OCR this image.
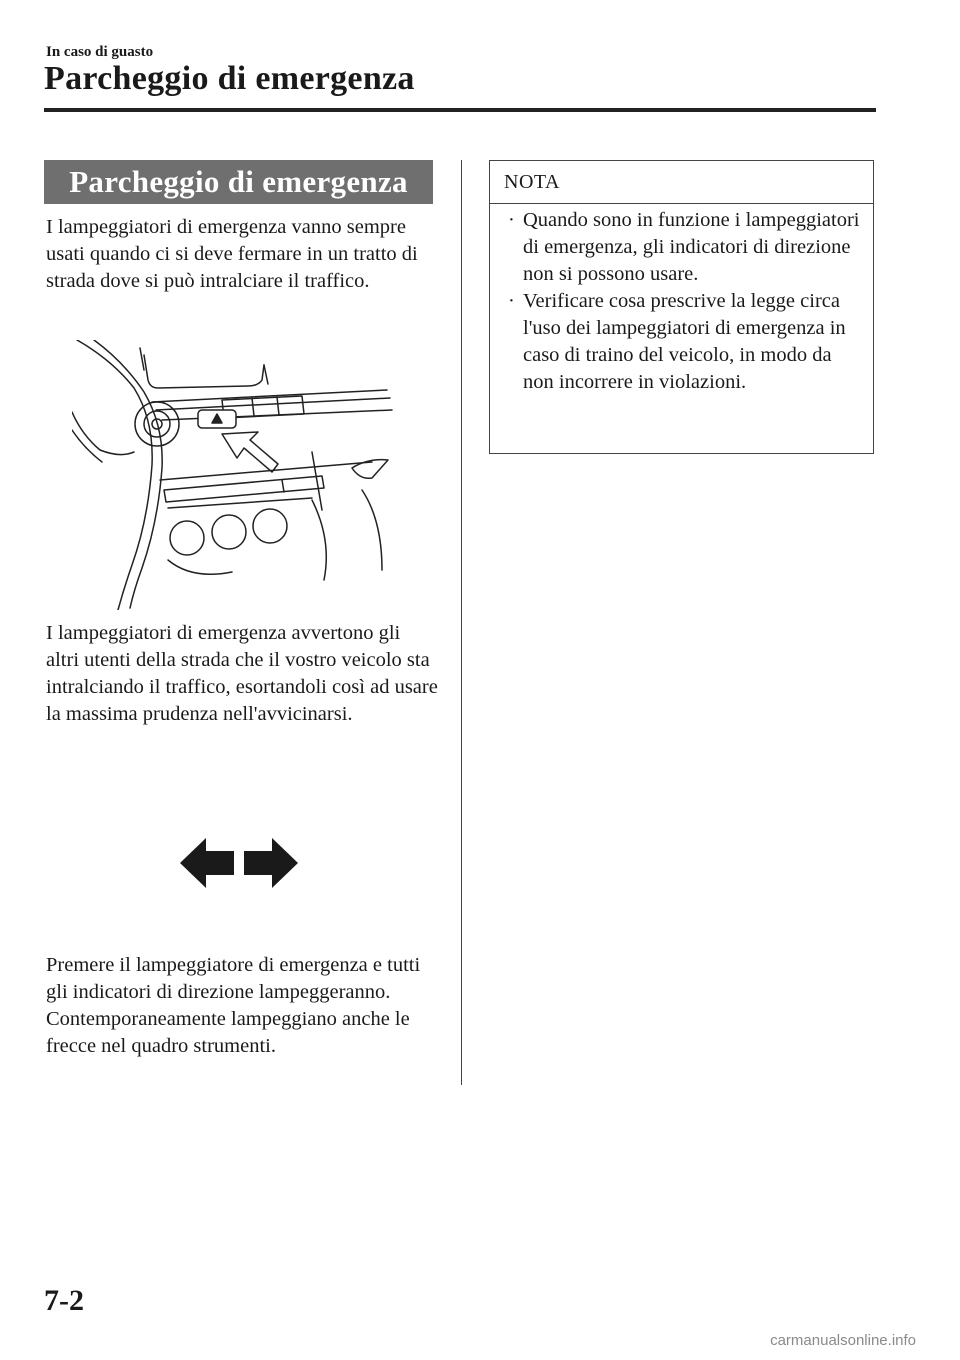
In caso di guasto
Parcheggio di emergenza
Parcheggio di emergenza
I lampeggiatori di emergenza vanno sempre usati quando ci si deve fermare in un tratto di strada dove si può intralciare il traffico.
I lampeggiatori di emergenza avvertono gli altri utenti della strada che il vostro veicolo sta intralciando il traffico, esortandoli così ad usare la massima prudenza nell'avvicinarsi.
Premere il lampeggiatore di emergenza e tutti gli indicatori di direzione lampeggeranno. Contemporaneamente lampeggiano anche le frecce nel quadro strumenti.
NOTA
· Quando sono in funzione i lampeggiatori di emergenza, gli indicatori di direzione non si possono usare.
· Verificare cosa prescrive la legge circa l'uso dei lampeggiatori di emergenza in caso di traino del veicolo, in modo da non incorrere in violazioni.
7-2
carmanualsonline.info
